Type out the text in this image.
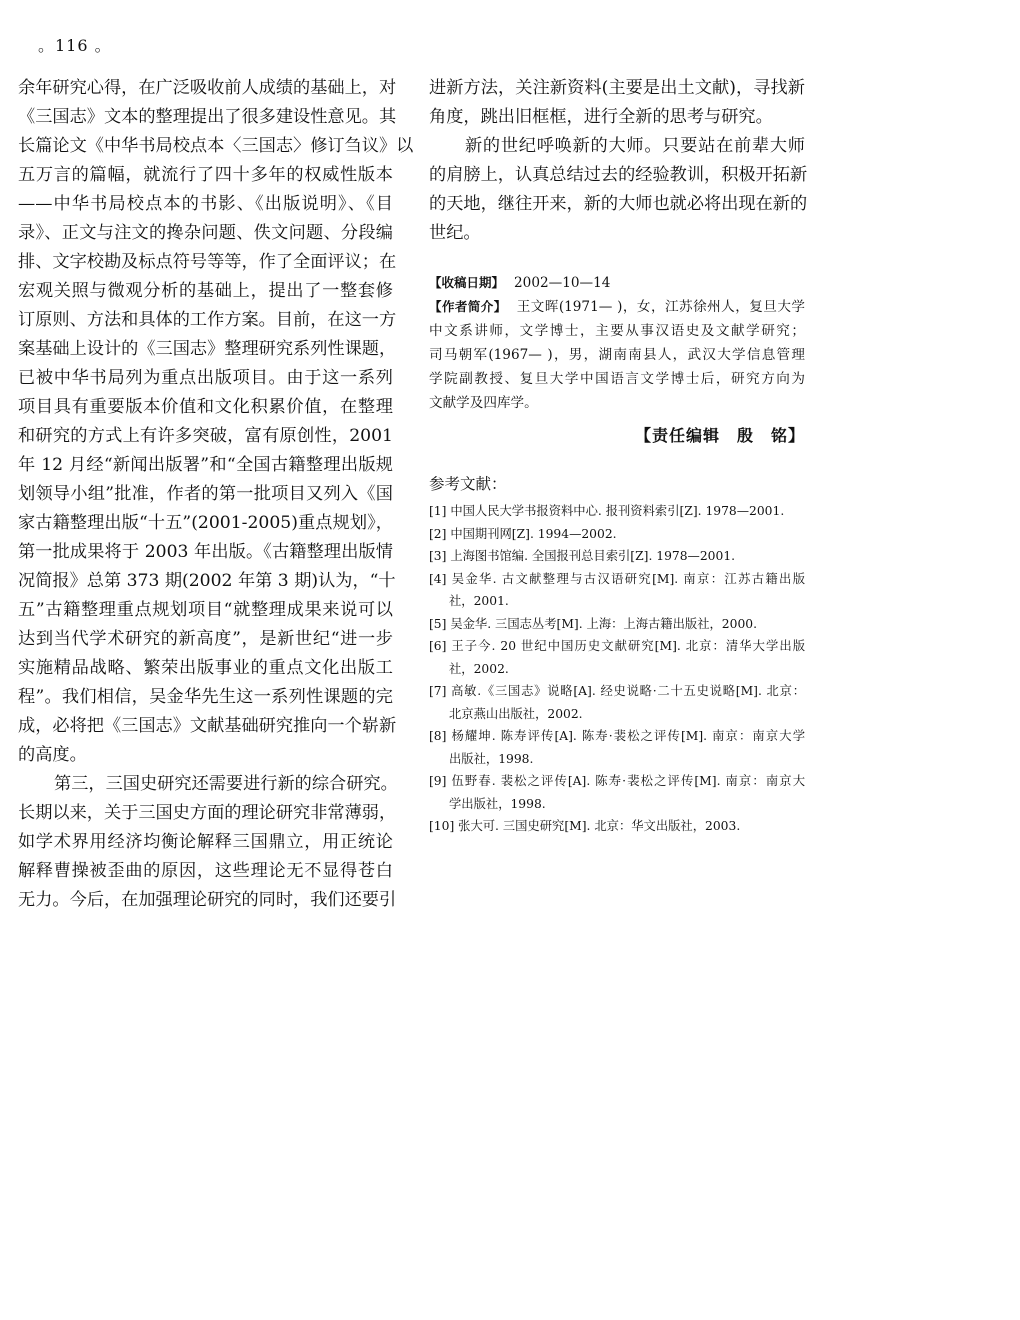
。116 。
余年研究心得，在广泛吸收前人成绩的基础上，对
《三国志》文本的整理提出了很多建设性意见。其
长篇论文《中华书局校点本〈三国志〉修订刍议》以
五万言的篇幅，就流行了四十多年的权威性版本
——中华书局校点本的书影、《出版说明》、《目
录》、正文与注文的搀杂问题、佚文问题、分段编
排、文字校勘及标点符号等等，作了全面评议；在
宏观关照与微观分析的基础上，提出了一整套修
订原则、方法和具体的工作方案。目前，在这一方
案基础上设计的《三国志》整理研究系列性课题，
已被中华书局列为重点出版项目。由于这一系列
项目具有重要版本价值和文化积累价值，在整理
和研究的方式上有许多突破，富有原创性，2001
年 12 月经“新闻出版署”和“全国古籍整理出版规
划领导小组”批准，作者的第一批项目又列入《国
家古籍整理出版“十五”(2001-2005)重点规划》，
第一批成果将于 2003 年出版。《古籍整理出版情
况简报》总第 373 期(2002 年第 3 期)认为，“十
五”古籍整理重点规划项目“就整理成果来说可以
达到当代学术研究的新高度”，是新世纪“进一步
实施精品战略、繁荣出版事业的重点文化出版工
程”。我们相信，吴金华先生这一系列性课题的完
成，必将把《三国志》文献基础研究推向一个崭新
的高度。
第三，三国史研究还需要进行新的综合研究。
长期以来，关于三国史方面的理论研究非常薄弱，
如学术界用经济均衡论解释三国鼎立，用正统论
解释曹操被歪曲的原因，这些理论无不显得苍白
无力。今后，在加强理论研究的同时，我们还要引
进新方法，关注新资料(主要是出土文献)，寻找新
角度，跳出旧框框，进行全新的思考与研究。
新的世纪呼唤新的大师。只要站在前辈大师
的肩膀上，认真总结过去的经验教训，积极开拓新
的天地，继往开来，新的大师也就必将出现在新的
世纪。
【收稿日期】 2002—10—14
【作者简介】 王文晖(1971— )，女，江苏徐州人，复旦大学
中文系讲师，文学博士，主要从事汉语史及文献学研究；
司马朝军(1967— )，男，湖南南县人，武汉大学信息管理
学院副教授、复旦大学中国语言文学博士后，研究方向为
文献学及四库学。
【责任编辑　殷　铭】
参考文献：
[1] 中国人民大学书报资料中心. 报刊资料索引[Z]. 1978—2001.
[2] 中国期刊网[Z]. 1994—2002.
[3] 上海图书馆编. 全国报刊总目索引[Z]. 1978—2001.
[4] 吴金华. 古文献整理与古汉语研究[M]. 南京：江苏古籍出版
社，2001.
[5] 吴金华. 三国志丛考[M]. 上海：上海古籍出版社，2000.
[6] 王子今. 20 世纪中国历史文献研究[M]. 北京：清华大学出版
社，2002.
[7] 高敏.《三国志》说略[A]. 经史说略·二十五史说略[M]. 北京：
北京燕山出版社，2002.
[8] 杨耀坤. 陈寿评传[A]. 陈寿·裴松之评传[M]. 南京：南京大学
出版社，1998.
[9] 伍野春. 裴松之评传[A]. 陈寿·裴松之评传[M]. 南京：南京大
学出版社，1998.
[10] 张大可. 三国史研究[M]. 北京：华文出版社，2003.
